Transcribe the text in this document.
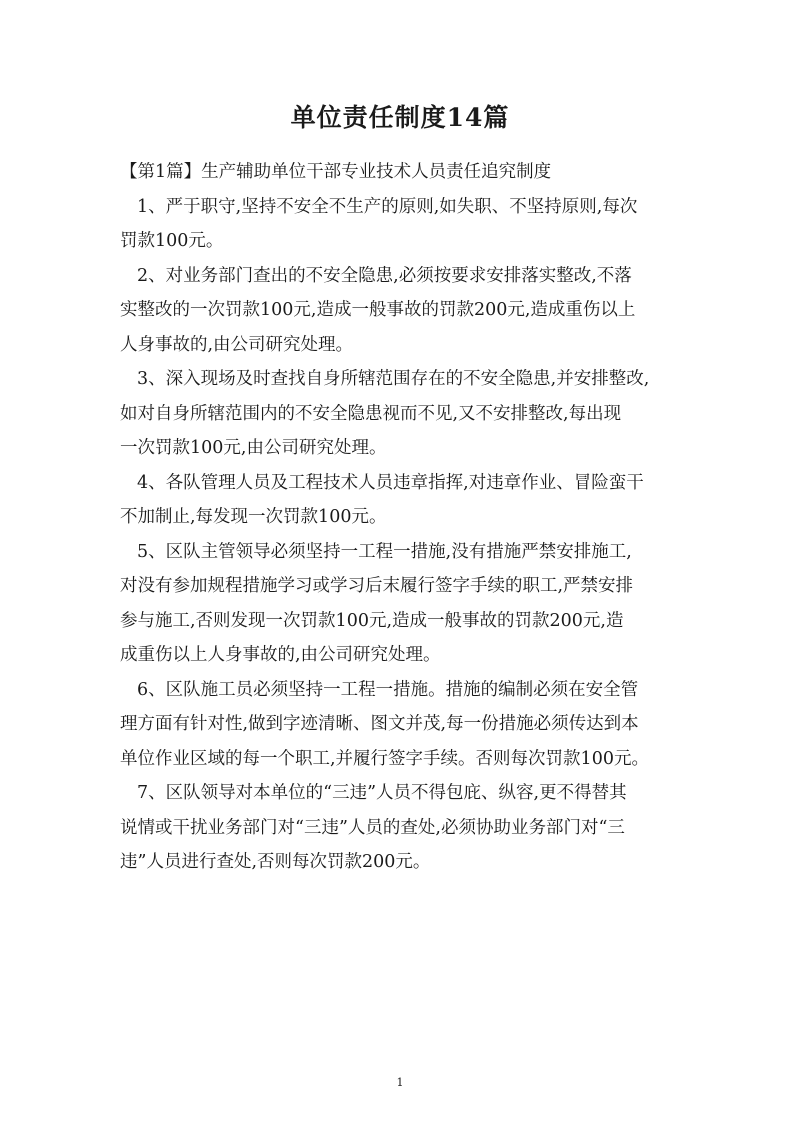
单位责任制度14篇
【第1篇】生产辅助单位干部专业技术人员责任追究制度
1、严于职守,坚持不安全不生产的原则,如失职、不坚持原则,每次
罚款100元。
2、对业务部门查出的不安全隐患,必须按要求安排落实整改,不落
实整改的一次罚款100元,造成一般事故的罚款200元,造成重伤以上
人身事故的,由公司研究处理。
3、深入现场及时查找自身所辖范围存在的不安全隐患,并安排整改,
如对自身所辖范围内的不安全隐患视而不见,又不安排整改,每出现
一次罚款100元,由公司研究处理。
4、各队管理人员及工程技术人员违章指挥,对违章作业、冒险蛮干
不加制止,每发现一次罚款100元。
5、区队主管领导必须坚持一工程一措施,没有措施严禁安排施工,
对没有参加规程措施学习或学习后末履行签字手续的职工,严禁安排
参与施工,否则发现一次罚款100元,造成一般事故的罚款200元,造
成重伤以上人身事故的,由公司研究处理。
6、区队施工员必须坚持一工程一措施。措施的编制必须在安全管
理方面有针对性,做到字迹清晰、图文并茂,每一份措施必须传达到本
单位作业区域的每一个职工,并履行签字手续。否则每次罚款100元。
7、区队领导对本单位的“三违”人员不得包庇、纵容,更不得替其
说情或干扰业务部门对“三违”人员的查处,必须协助业务部门对“三
违”人员进行查处,否则每次罚款200元。
1
